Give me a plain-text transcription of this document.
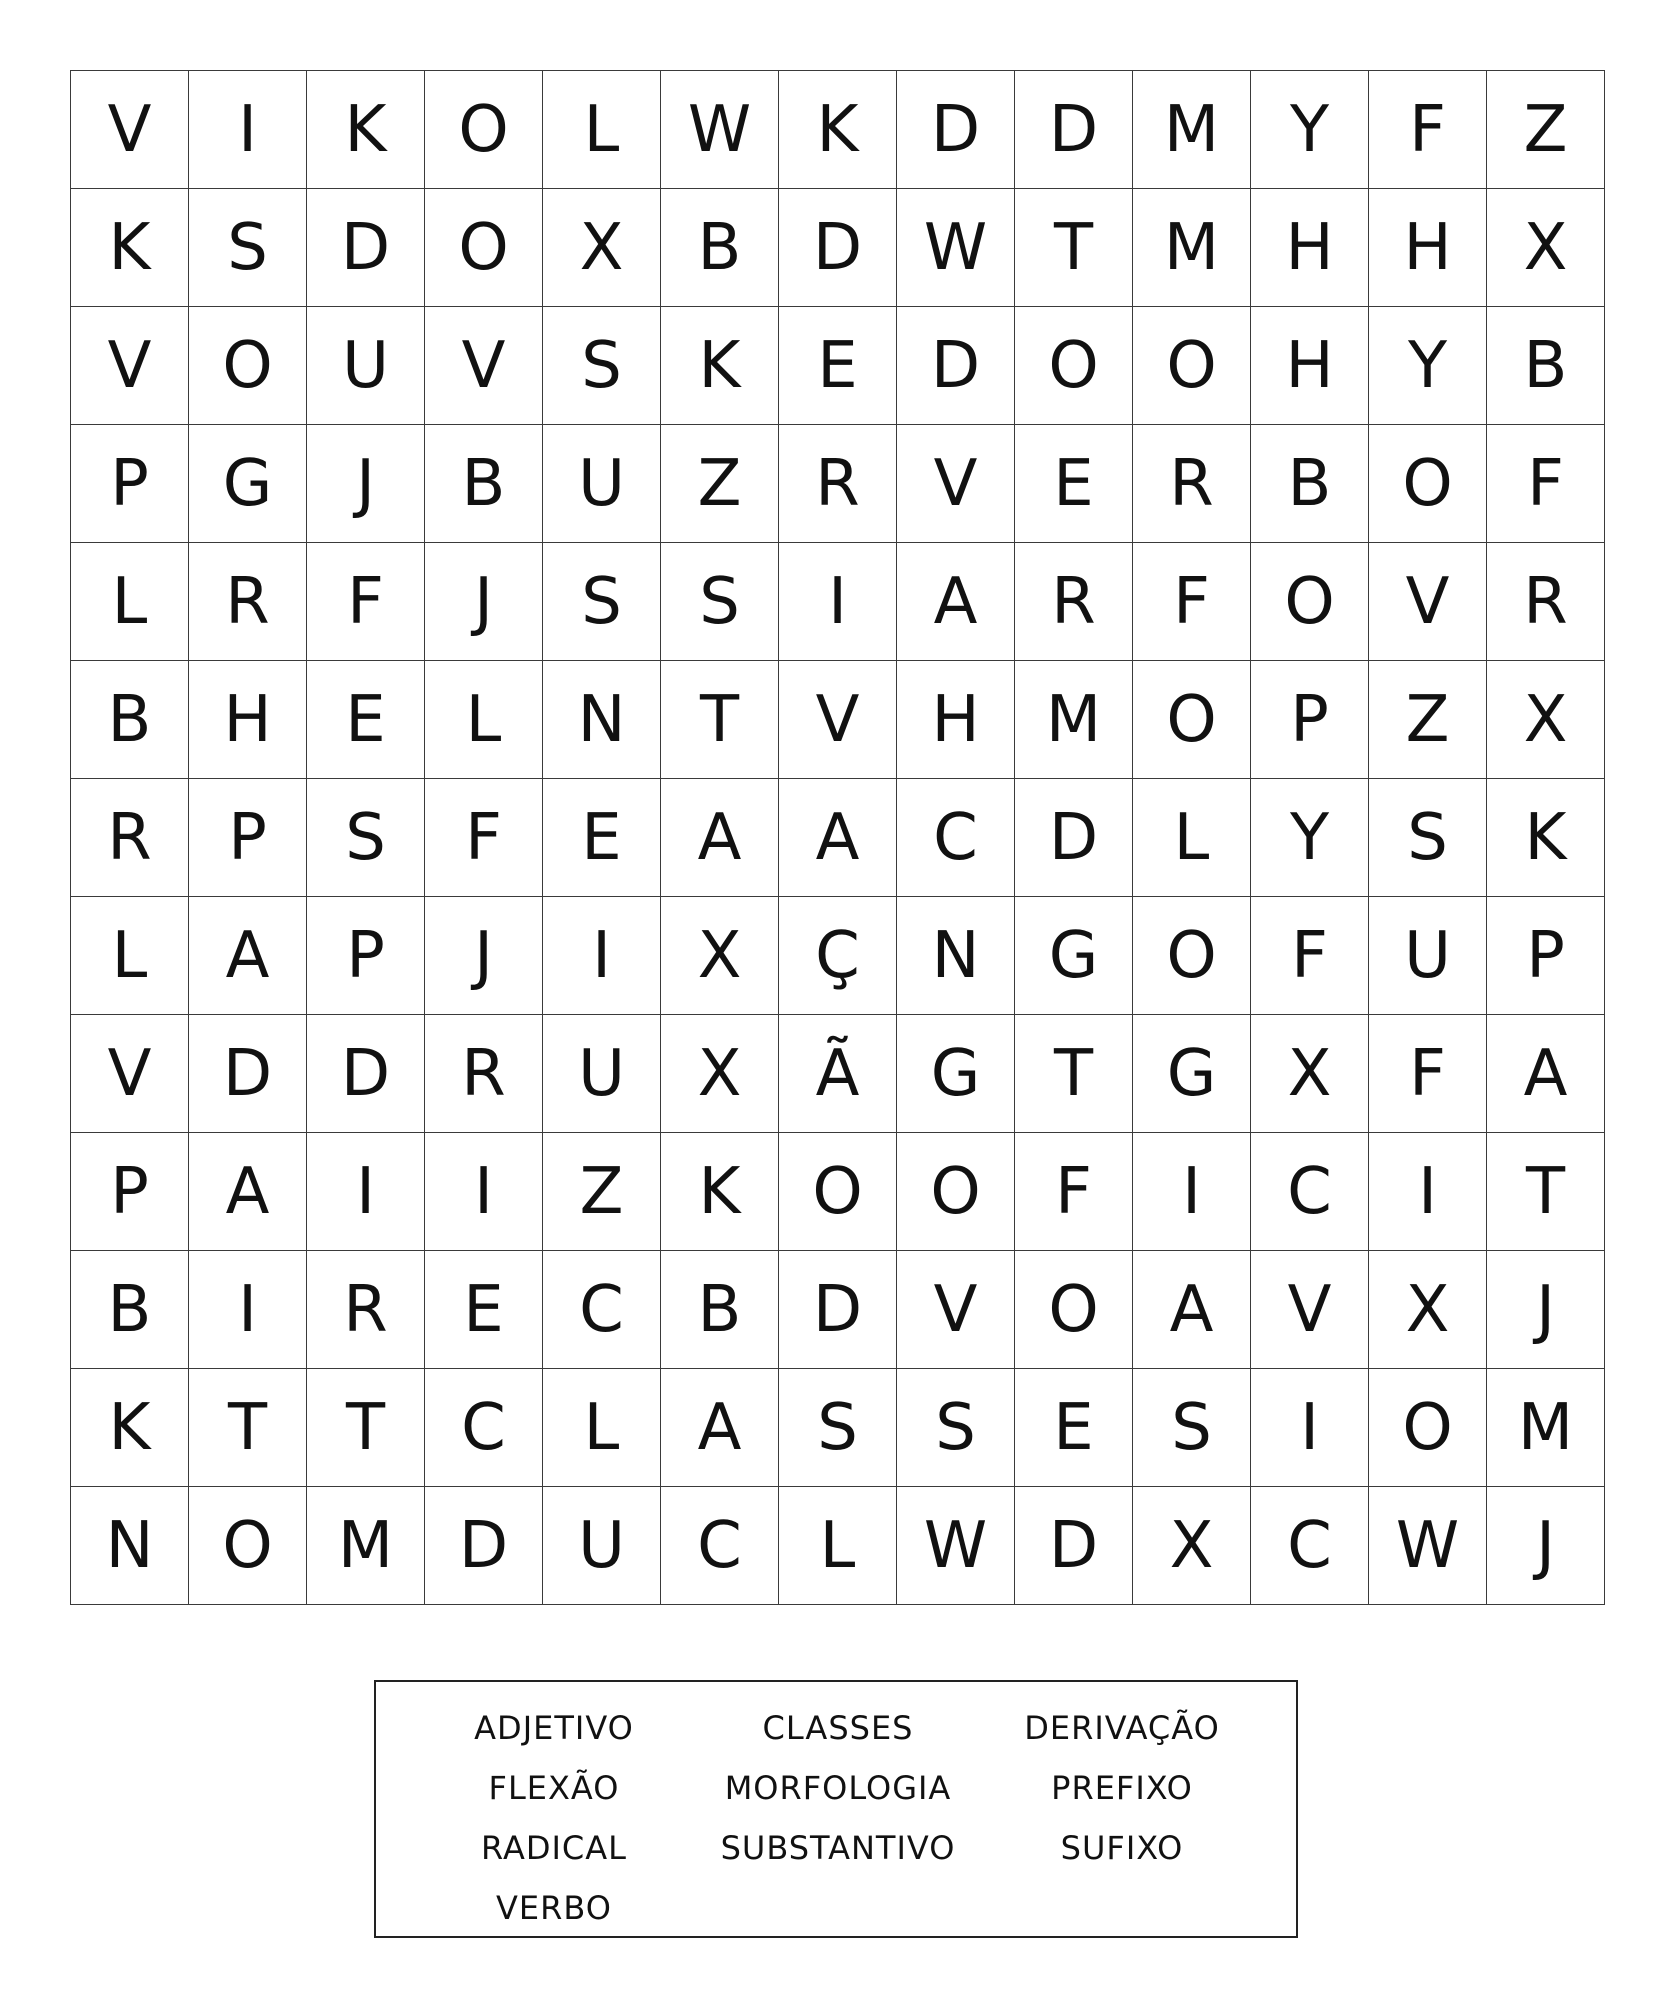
V	I	K	O	L	W	K	D	D	M	Y	F	Z
K	S	D	O	X	B	D	W	T	M	H	H	X
V	O	U	V	S	K	E	D	O	O	H	Y	B
P	G	J	B	U	Z	R	V	E	R	B	O	F
L	R	F	J	S	S	I	A	R	F	O	V	R
B	H	E	L	N	T	V	H	M	O	P	Z	X
R	P	S	F	E	A	A	C	D	L	Y	S	K
L	A	P	J	I	X	Ç	N	G	O	F	U	P
V	D	D	R	U	X	Ã	G	T	G	X	F	A
P	A	I	I	Z	K	O	O	F	I	C	I	T
B	I	R	E	C	B	D	V	O	A	V	X	J
K	T	T	C	L	A	S	S	E	S	I	O	M
N	O	M	D	U	C	L	W	D	X	C	W	J
ADJETIVO	CLASSES	DERIVAÇÃO
FLEXÃO	MORFOLOGIA	PREFIXO
RADICAL	SUBSTANTIVO	SUFIXO
VERBO
